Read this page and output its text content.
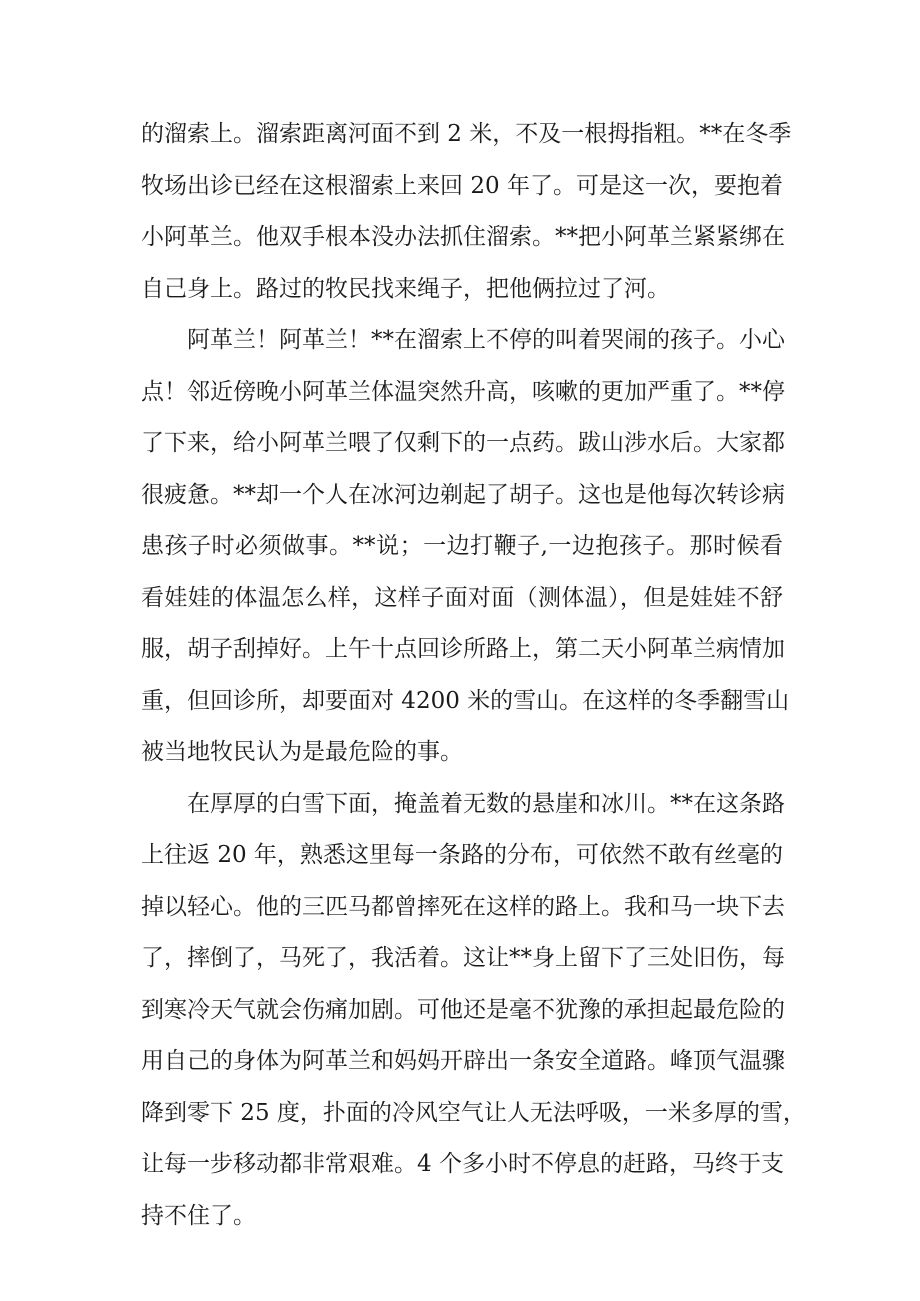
的溜索上。溜索距离河面不到 2 米，不及一根拇指粗。**在冬季
牧场出诊已经在这根溜索上来回 20 年了。可是这一次，要抱着
小阿革兰。他双手根本没办法抓住溜索。**把小阿革兰紧紧绑在
自己身上。路过的牧民找来绳子，把他俩拉过了河。
阿革兰！阿革兰！**在溜索上不停的叫着哭闹的孩子。小心
点！邻近傍晚小阿革兰体温突然升高，咳嗽的更加严重了。**停
了下来，给小阿革兰喂了仅剩下的一点药。跋山涉水后。大家都
很疲惫。**却一个人在冰河边剃起了胡子。这也是他每次转诊病
患孩子时必须做事。**说；一边打鞭子,一边抱孩子。那时候看
看娃娃的体温怎么样，这样子面对面（测体温），但是娃娃不舒
服，胡子刮掉好。上午十点回诊所路上，第二天小阿革兰病情加
重，但回诊所，却要面对 4200 米的雪山。在这样的冬季翻雪山
被当地牧民认为是最危险的事。
在厚厚的白雪下面，掩盖着无数的悬崖和冰川。**在这条路
上往返 20 年，熟悉这里每一条路的分布，可依然不敢有丝毫的
掉以轻心。他的三匹马都曾摔死在这样的路上。我和马一块下去
了，摔倒了，马死了，我活着。这让**身上留下了三处旧伤，每
到寒冷天气就会伤痛加剧。可他还是毫不犹豫的承担起最危险的
用自己的身体为阿革兰和妈妈开辟出一条安全道路。峰顶气温骤
降到零下 25 度，扑面的冷风空气让人无法呼吸，一米多厚的雪，
让每一步移动都非常艰难。4 个多小时不停息的赶路，马终于支
持不住了。
